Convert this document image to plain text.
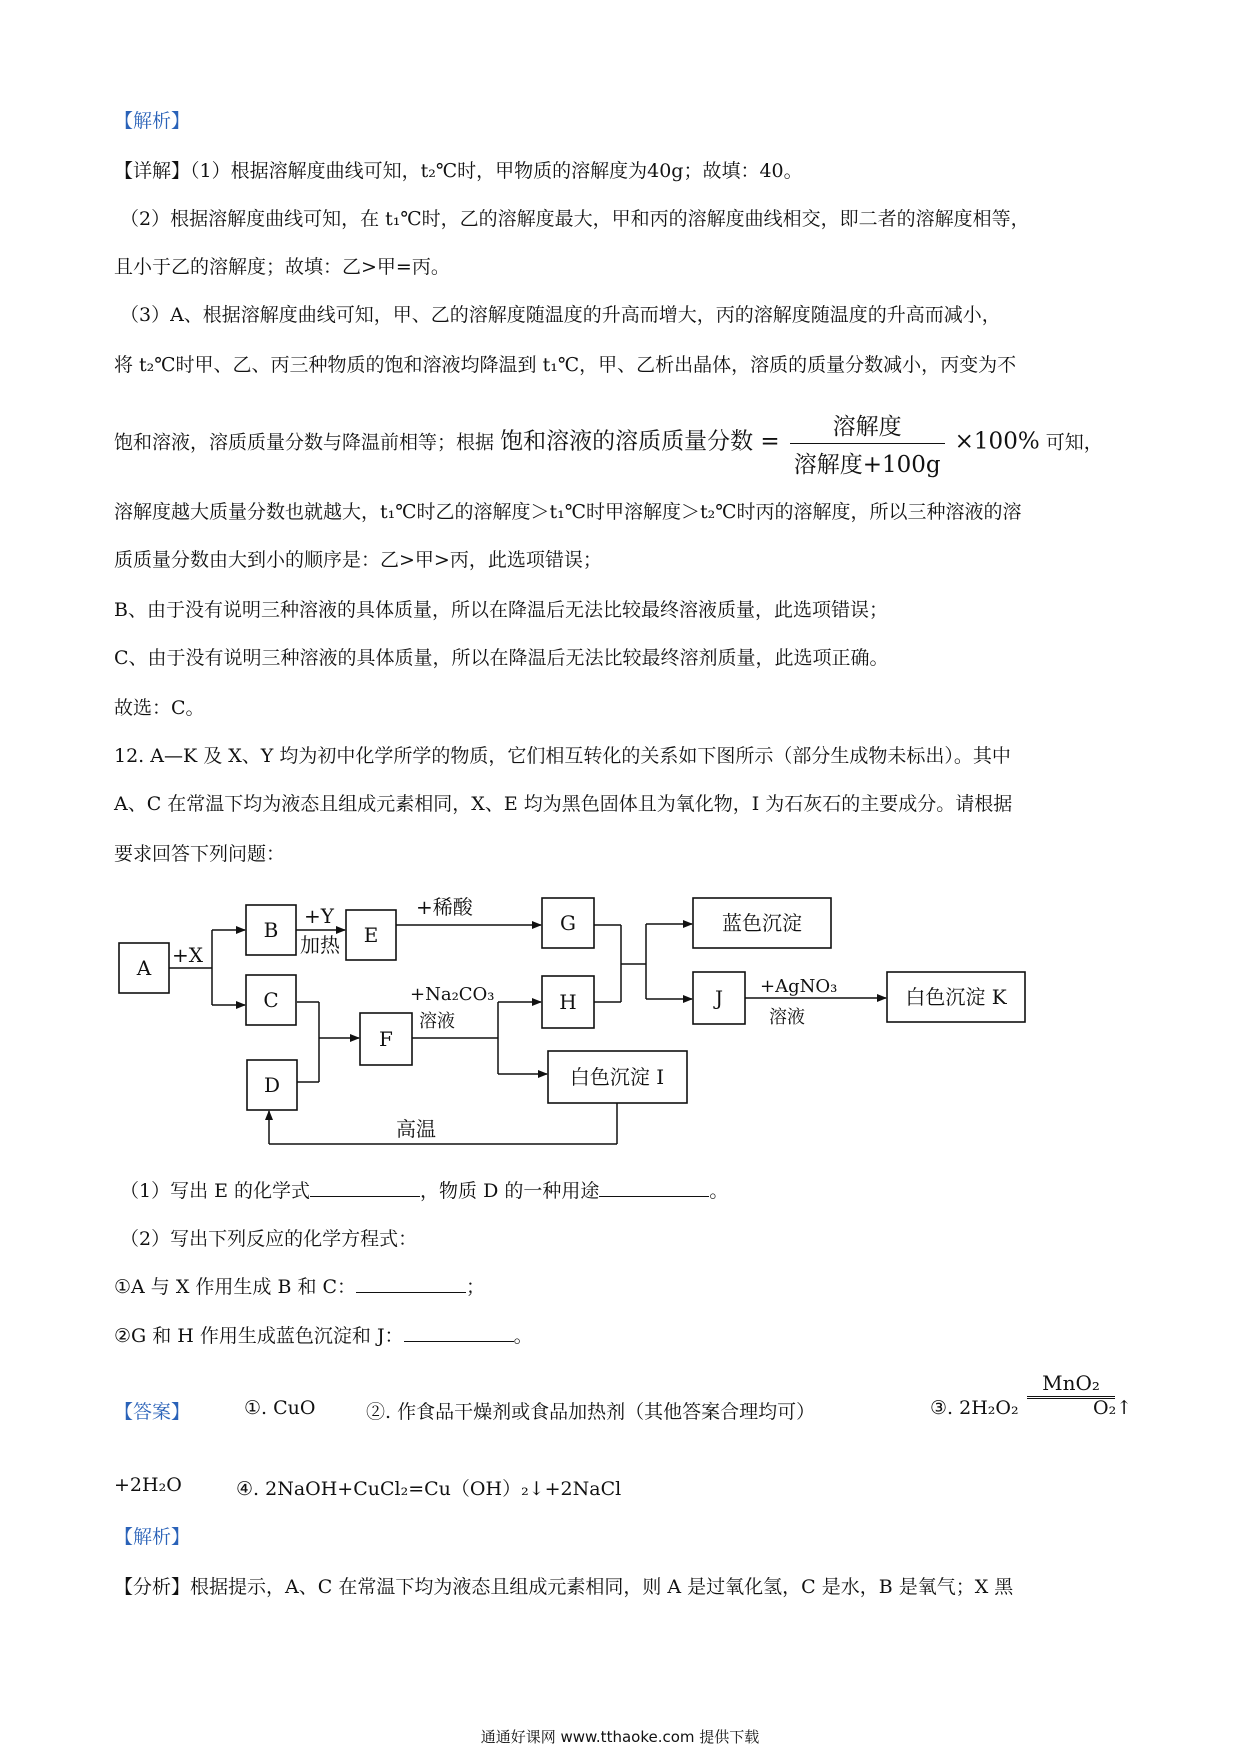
【解析】
【详解】（1）根据溶解度曲线可知，t₂℃时，甲物质的溶解度为40g；故填：40。
（2）根据溶解度曲线可知，在 t₁℃时，乙的溶解度最大，甲和丙的溶解度曲线相交，即二者的溶解度相等，
且小于乙的溶解度；故填：乙>甲=丙。
（3）A、根据溶解度曲线可知，甲、乙的溶解度随温度的升高而增大，丙的溶解度随温度的升高而减小，
将 t₂℃时甲、乙、丙三种物质的饱和溶液均降温到 t₁℃，甲、乙析出晶体，溶质的质量分数减小，丙变为不
饱和溶液，溶质质量分数与降温前相等；根据 饱和溶液的溶质质量分数 = $\frac{\text{溶解度}}{\text{溶解度+100g}} \times 100\%$ 可知，
溶解度越大质量分数也就越大，t₁℃时乙的溶解度＞t₁℃时甲溶解度＞t₂℃时丙的溶解度，所以三种溶液的溶
质质量分数由大到小的顺序是：乙>甲>丙，此选项错误；
B、由于没有说明三种溶液的具体质量，所以在降温后无法比较最终溶液质量，此选项错误；
C、由于没有说明三种溶液的具体质量，所以在降温后无法比较最终溶剂质量，此选项正确。
故选：C。
12. A—K 及 X、Y 均为初中化学所学的物质，它们相互转化的关系如下图所示（部分生成物未标出）。其中
A、C 在常温下均为液态且组成元素相同，X、E 均为黑色固体且为氧化物，I 为石灰石的主要成分。请根据
要求回答下列问题：
A
B
C
D
E
F
G
H	J
蓝色沉淀
白色沉淀 I
白色沉淀 K
+X
+Y
加热
+稀酸
+Na₂CO₃
溶液
+AgNO₃
溶液
高温
（1）写出 E 的化学式	，物质 D 的一种用途	。
（2）写出下列反应的化学方程式：
①A 与 X 作用生成 B 和 C：	；
②G 和 H 作用生成蓝色沉淀和 J：	。
【答案】	①. CuO	②. 作食品干燥剂或食品加热剂（其他答案合理均可）	③. 2H₂O₂
MnO₂
O₂↑
+2H₂O	④. 2NaOH+CuCl₂=Cu（OH）₂↓+2NaCl
【解析】
【分析】根据提示，A、C 在常温下均为液态且组成元素相同，则 A 是过氧化氢，C 是水，B 是氧气；X 黑
通通好课网 www.tthaoke.com 提供下载
